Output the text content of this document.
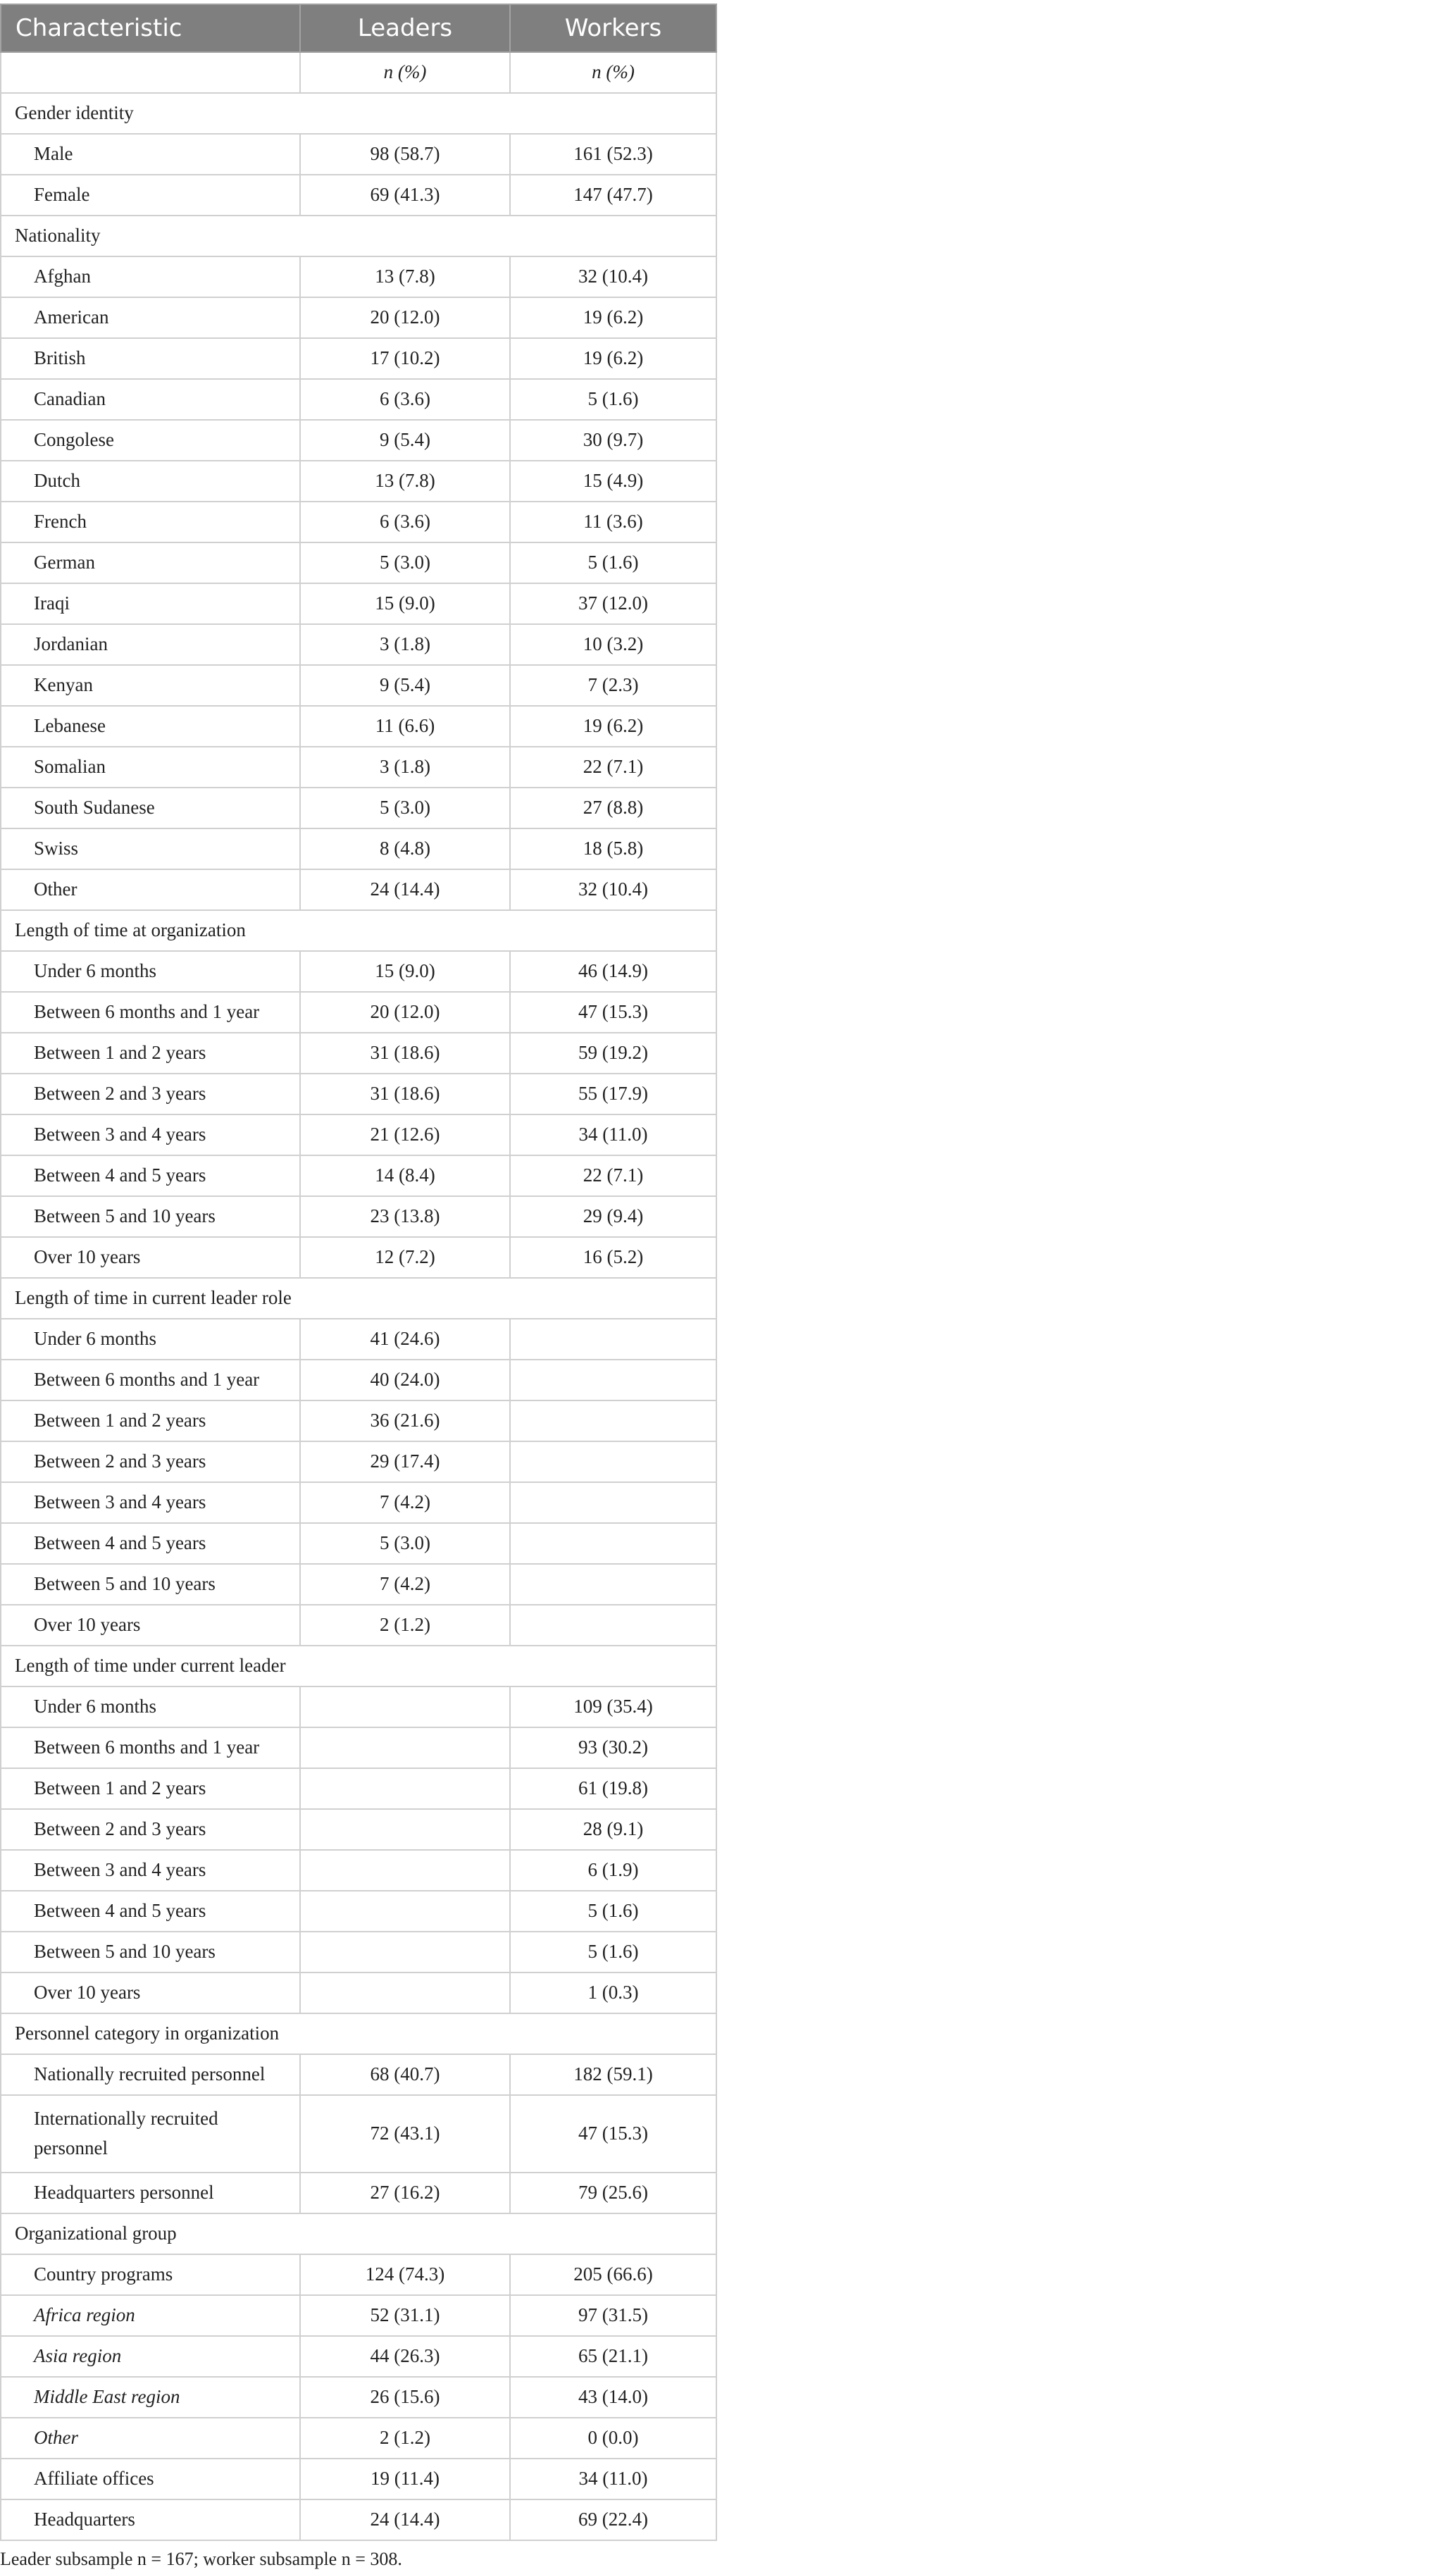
Characteristic	Leaders	Workers
	n (%)	n (%)
Gender identity		
Male	98 (58.7)	161 (52.3)
Female	69 (41.3)	147 (47.7)
Nationality		
Afghan	13 (7.8)	32 (10.4)
American	20 (12.0)	19 (6.2)
British	17 (10.2)	19 (6.2)
Canadian	6 (3.6)	5 (1.6)
Congolese	9 (5.4)	30 (9.7)
Dutch	13 (7.8)	15 (4.9)
French	6 (3.6)	11 (3.6)
German	5 (3.0)	5 (1.6)
Iraqi	15 (9.0)	37 (12.0)
Jordanian	3 (1.8)	10 (3.2)
Kenyan	9 (5.4)	7 (2.3)
Lebanese	11 (6.6)	19 (6.2)
Somalian	3 (1.8)	22 (7.1)
South Sudanese	5 (3.0)	27 (8.8)
Swiss	8 (4.8)	18 (5.8)
Other	24 (14.4)	32 (10.4)
Length of time at organization		
Under 6 months	15 (9.0)	46 (14.9)
Between 6 months and 1 year	20 (12.0)	47 (15.3)
Between 1 and 2 years	31 (18.6)	59 (19.2)
Between 2 and 3 years	31 (18.6)	55 (17.9)
Between 3 and 4 years	21 (12.6)	34 (11.0)
Between 4 and 5 years	14 (8.4)	22 (7.1)
Between 5 and 10 years	23 (13.8)	29 (9.4)
Over 10 years	12 (7.2)	16 (5.2)
Length of time in current leader role		
Under 6 months	41 (24.6)	
Between 6 months and 1 year	40 (24.0)	
Between 1 and 2 years	36 (21.6)	
Between 2 and 3 years	29 (17.4)	
Between 3 and 4 years	7 (4.2)	
Between 4 and 5 years	5 (3.0)	
Between 5 and 10 years	7 (4.2)	
Over 10 years	2 (1.2)	
Length of time under current leader		
Under 6 months		109 (35.4)
Between 6 months and 1 year		93 (30.2)
Between 1 and 2 years		61 (19.8)
Between 2 and 3 years		28 (9.1)
Between 3 and 4 years		6 (1.9)
Between 4 and 5 years		5 (1.6)
Between 5 and 10 years		5 (1.6)
Over 10 years		1 (0.3)
Personnel category in organization		
Nationally recruited personnel	68 (40.7)	182 (59.1)
Internationally recruited personnel	72 (43.1)	47 (15.3)
Headquarters personnel	27 (16.2)	79 (25.6)
Organizational group		
Country programs	124 (74.3)	205 (66.6)
Africa region	52 (31.1)	97 (31.5)
Asia region	44 (26.3)	65 (21.1)
Middle East region	26 (15.6)	43 (14.0)
Other	2 (1.2)	0 (0.0)
Affiliate offices	19 (11.4)	34 (11.0)
Headquarters	24 (14.4)	69 (22.4)

Leader subsample n = 167; worker subsample n = 308.
